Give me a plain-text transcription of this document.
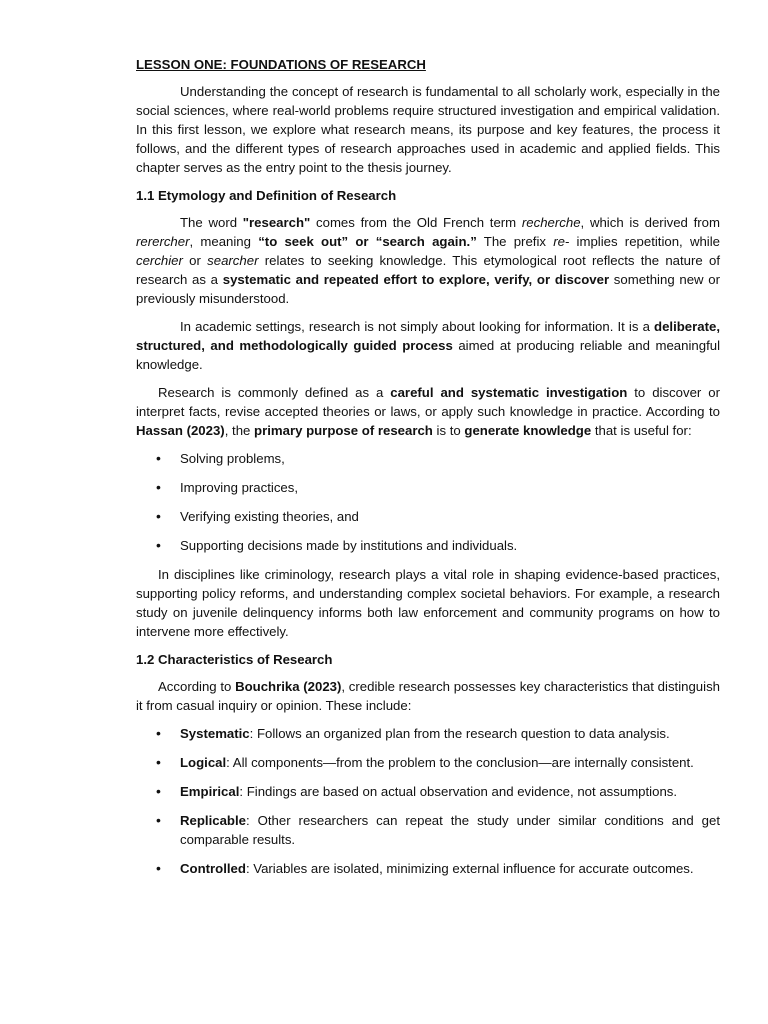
LESSON ONE: FOUNDATIONS OF RESEARCH

Understanding the concept of research is fundamental to all scholarly work, especially in the social sciences, where real-world problems require structured investigation and empirical validation. In this first lesson, we explore what research means, its purpose and key features, the process it follows, and the different types of research approaches used in academic and applied fields. This chapter serves as the entry point to the thesis journey.

1.1 Etymology and Definition of Research

The word "research" comes from the Old French term recherche, which is derived from rerercher, meaning “to seek out” or “search again.” The prefix re- implies repetition, while cerchier or searcher relates to seeking knowledge. This etymological root reflects the nature of research as a systematic and repeated effort to explore, verify, or discover something new or previously misunderstood.

In academic settings, research is not simply about looking for information. It is a deliberate, structured, and methodologically guided process aimed at producing reliable and meaningful knowledge.

Research is commonly defined as a careful and systematic investigation to discover or interpret facts, revise accepted theories or laws, or apply such knowledge in practice. According to Hassan (2023), the primary purpose of research is to generate knowledge that is useful for:

• Solving problems,
• Improving practices,
• Verifying existing theories, and
• Supporting decisions made by institutions and individuals.

In disciplines like criminology, research plays a vital role in shaping evidence-based practices, supporting policy reforms, and understanding complex societal behaviors. For example, a research study on juvenile delinquency informs both law enforcement and community programs on how to intervene more effectively.

1.2 Characteristics of Research

According to Bouchrika (2023), credible research possesses key characteristics that distinguish it from casual inquiry or opinion. These include:

• Systematic: Follows an organized plan from the research question to data analysis.
• Logical: All components—from the problem to the conclusion—are internally consistent.
• Empirical: Findings are based on actual observation and evidence, not assumptions.
• Replicable: Other researchers can repeat the study under similar conditions and get comparable results.
• Controlled: Variables are isolated, minimizing external influence for accurate outcomes.
